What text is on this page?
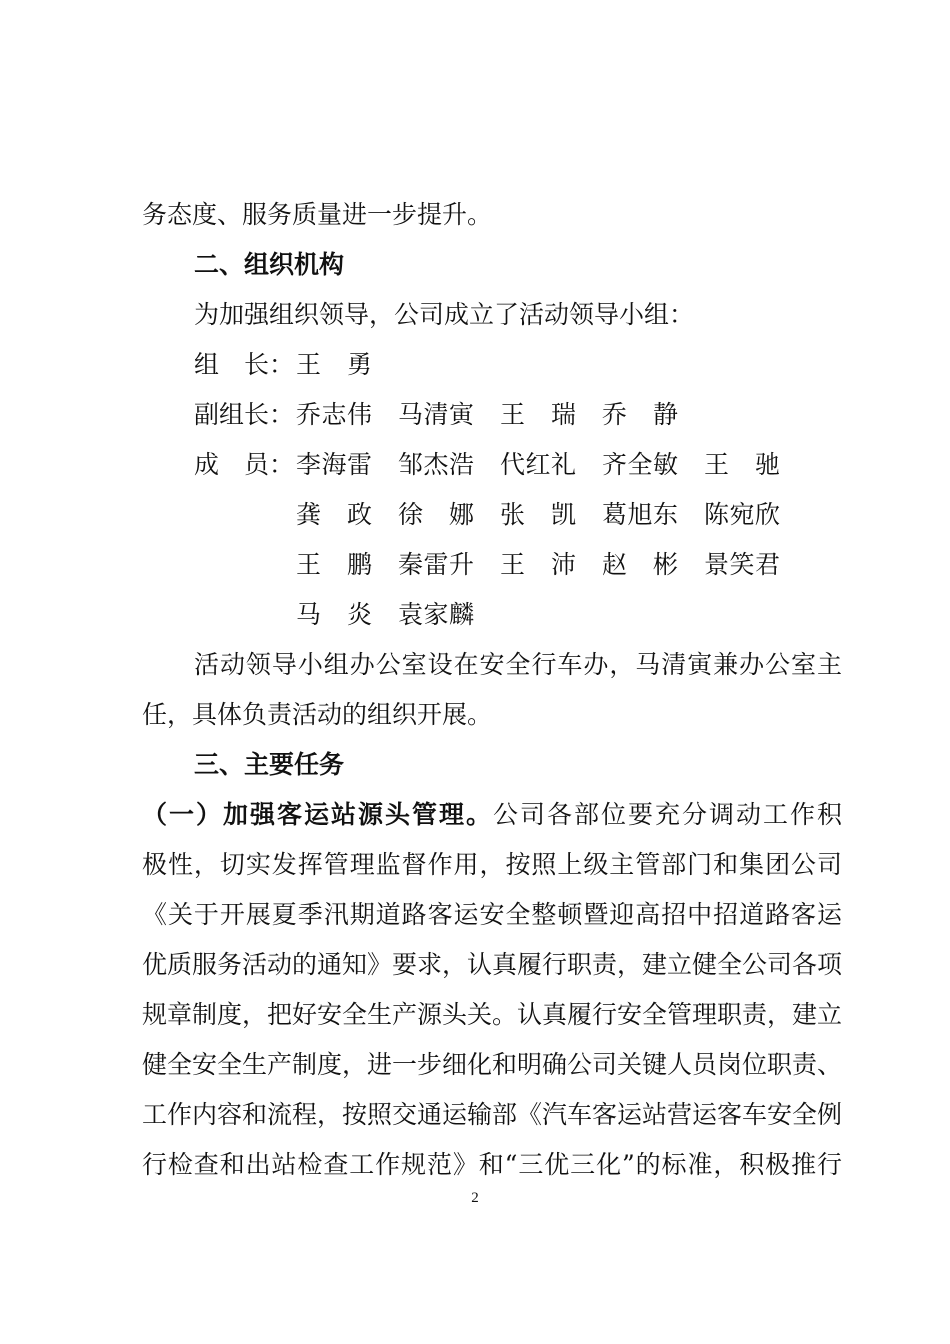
务态度、服务质量进一步提升。
二、组织机构
为加强组织领导，公司成立了活动领导小组：
组 长： 王 勇
副 组 长： 乔 志 伟 马 清 寅 王 瑞 乔 静
成 员： 李 海 雷 邹 杰 浩 代 红 礼 齐 全 敏 王 驰
龚 政 徐 娜 张 凯 葛 旭 东 陈 宛 欣
王 鹏 秦 雷 升 王 沛 赵 彬 景 笑 君
马 炎 袁 家 麟
活动领导小组办公室设在安全行车办，马清寅兼办公室主
任，具体负责活动的组织开展。
三、主要任务
（一）加强客运站源头管理。公司各部位要充分调动工作积
极性，切实发挥管理监督作用，按照上级主管部门和集团公司
《关于开展夏季汛期道路客运安全整顿暨迎高招中招道路客运
优质服务活动的通知》要求，认真履行职责，建立健全公司各项
规章制度，把好安全生产源头关。认真履行安全管理职责，建立
健全安全生产制度，进一步细化和明确公司关键人员岗位职责、
工作内容和流程，按照交通运输部《汽车客运站营运客车安全例
行检查和出站检查工作规范》和“三优三化”的标准，积极推行
2
